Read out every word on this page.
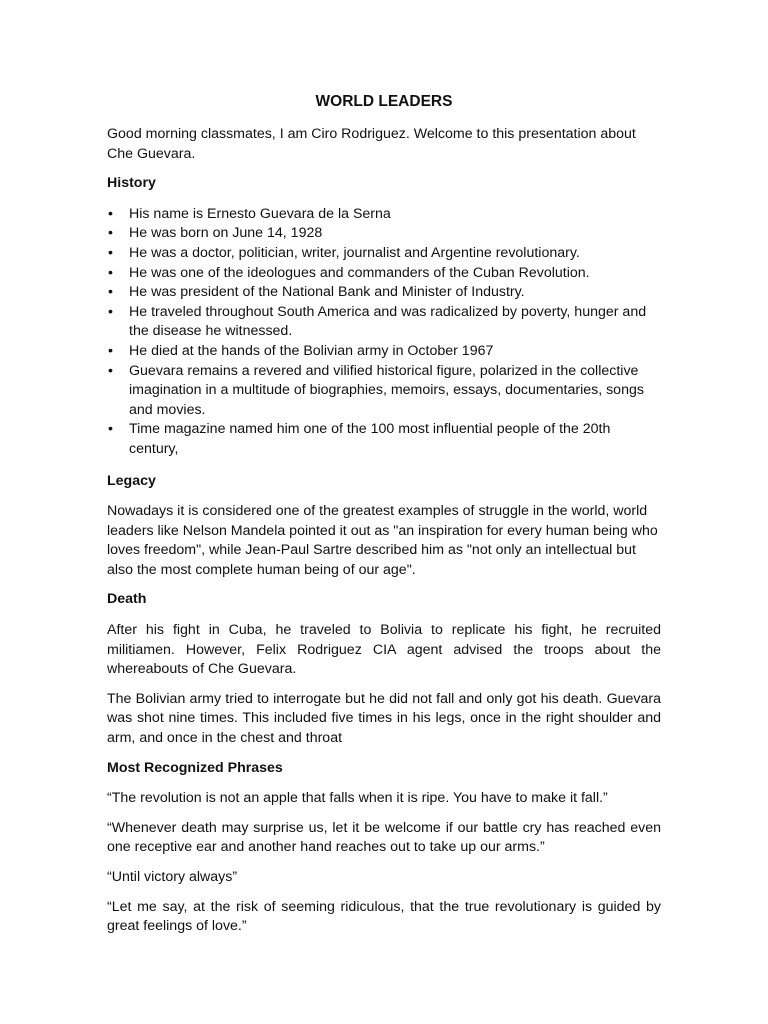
WORLD LEADERS

Good morning classmates, I am Ciro Rodriguez. Welcome to this presentation about Che Guevara.

History
• His name is Ernesto Guevara de la Serna
• He was born on June 14, 1928
• He was a doctor, politician, writer, journalist and Argentine revolutionary.
• He was one of the ideologues and commanders of the Cuban Revolution.
• He was president of the National Bank and Minister of Industry.
• He traveled throughout South America and was radicalized by poverty, hunger and the disease he witnessed.
• He died at the hands of the Bolivian army in October 1967
• Guevara remains a revered and vilified historical figure, polarized in the collective imagination in a multitude of biographies, memoirs, essays, documentaries, songs and movies.
• Time magazine named him one of the 100 most influential people of the 20th century,
Legacy

Nowadays it is considered one of the greatest examples of struggle in the world, world leaders like Nelson Mandela pointed it out as "an inspiration for every human being who loves freedom", while Jean-Paul Sartre described him as "not only an intellectual but also the most complete human being of our age".

Death

After his fight in Cuba, he traveled to Bolivia to replicate his fight, he recruited militiamen. However, Felix Rodriguez CIA agent advised the troops about the whereabouts of Che Guevara.

The Bolivian army tried to interrogate but he did not fall and only got his death. Guevara was shot nine times. This included five times in his legs, once in the right shoulder and arm, and once in the chest and throat

Most Recognized Phrases

“The revolution is not an apple that falls when it is ripe. You have to make it fall.”

“Whenever death may surprise us, let it be welcome if our battle cry has reached even one receptive ear and another hand reaches out to take up our arms.”

“Until victory always”

“Let me say, at the risk of seeming ridiculous, that the true revolutionary is guided by great feelings of love.”
